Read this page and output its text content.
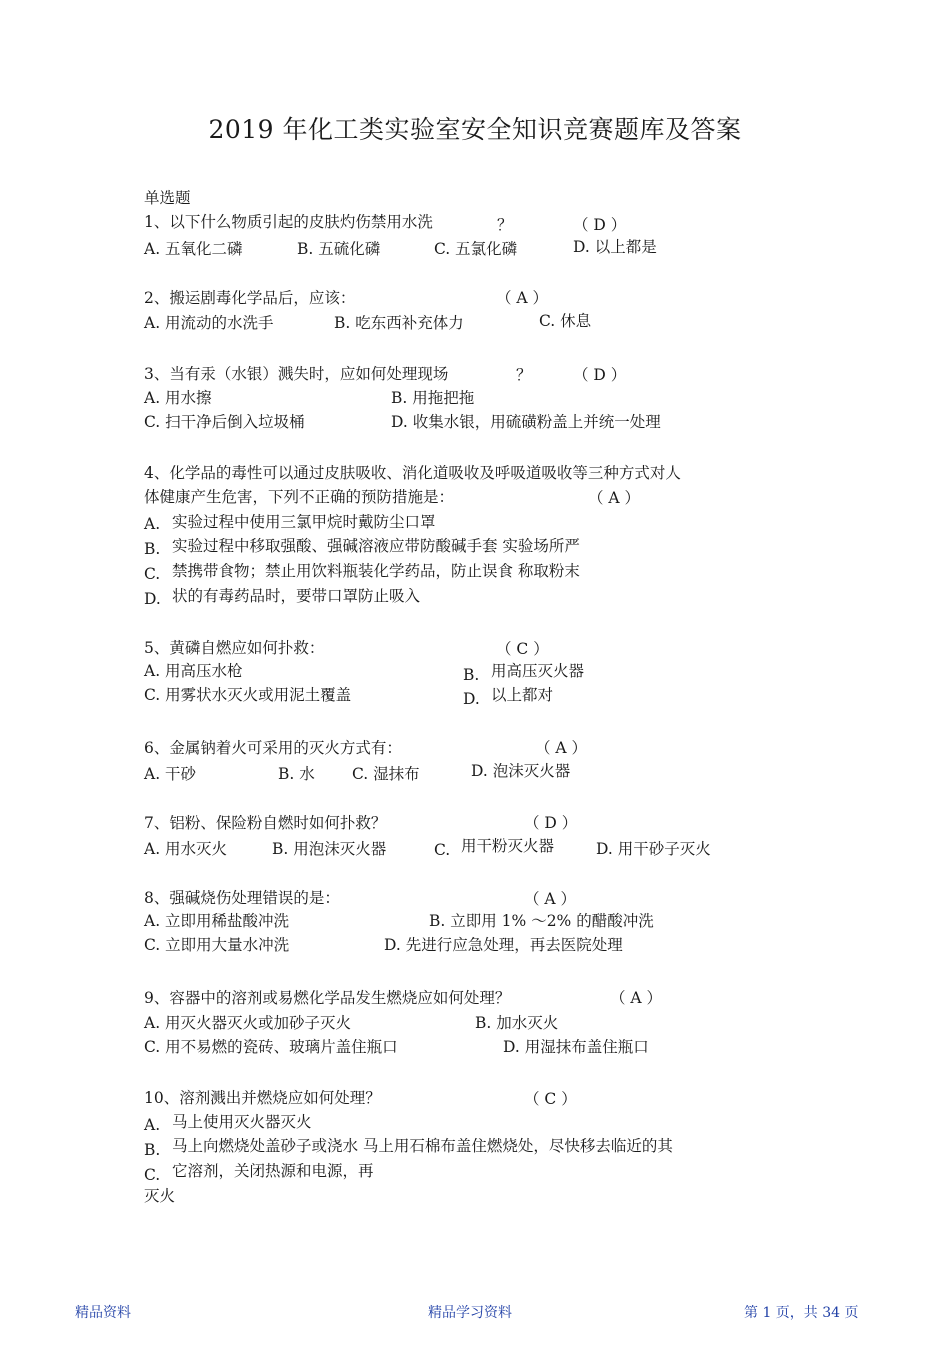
2019 年化工类实验室安全知识竞赛题库及答案
单选题
1、以下什么物质引起的皮肤灼伤禁用水洗	？	（ D ）
A. 五氧化二磷	B. 五硫化磷	C. 五氯化磷	D. 以上都是
2、搬运剧毒化学品后，应该：	（ A ）
A. 用流动的水洗手	B. 吃东西补充体力	C. 休息
3、当有汞（水银）溅失时，应如何处理现场	？	（ D ）
A. 用水擦	B. 用拖把拖
C. 扫干净后倒入垃圾桶	D. 收集水银，用硫磺粉盖上并统一处理
4、化学品的毒性可以通过皮肤吸收、消化道吸收及呼吸道吸收等三种方式对人
体健康产生危害，下列不正确的预防措施是：	（ A ）
A. 实验过程中使用三氯甲烷时戴防尘口罩
B. 实验过程中移取强酸、强碱溶液应带防酸碱手套 实验场所严
C. 禁携带食物；禁止用饮料瓶装化学药品，防止误食 称取粉末
D. 状的有毒药品时，要带口罩防止吸入
5、黄磷自燃应如何扑救：	（ C ）
A. 用高压水枪	B. 用高压灭火器
C. 用雾状水灭火或用泥土覆盖	D. 以上都对
6、金属钠着火可采用的灭火方式有：	（ A ）
A. 干砂	B. 水 C. 湿抹布	D. 泡沫灭火器
7、铝粉、保险粉自燃时如何扑救？	（ D ）
A. 用水灭火	B. 用泡沫灭火器	C. 用干粉灭火器	D. 用干砂子灭火
8、强碱烧伤处理错误的是：	（ A ）
A. 立即用稀盐酸冲洗	B. 立即用 1% ～2% 的醋酸冲洗
C. 立即用大量水冲洗	D. 先进行应急处理，再去医院处理
9、容器中的溶剂或易燃化学品发生燃烧应如何处理？	（ A ）
A. 用灭火器灭火或加砂子灭火	B. 加水灭火
C. 用不易燃的瓷砖、玻璃片盖住瓶口	D. 用湿抹布盖住瓶口
10、溶剂溅出并燃烧应如何处理？	（ C ）
A. 马上使用灭火器灭火
B. 马上向燃烧处盖砂子或浇水 马上用石棉布盖住燃烧处，尽快移去临近的其
C. 它溶剂，关闭热源和电源，再
灭火
精品资料	精品学习资料	第 1 页，共 34 页
